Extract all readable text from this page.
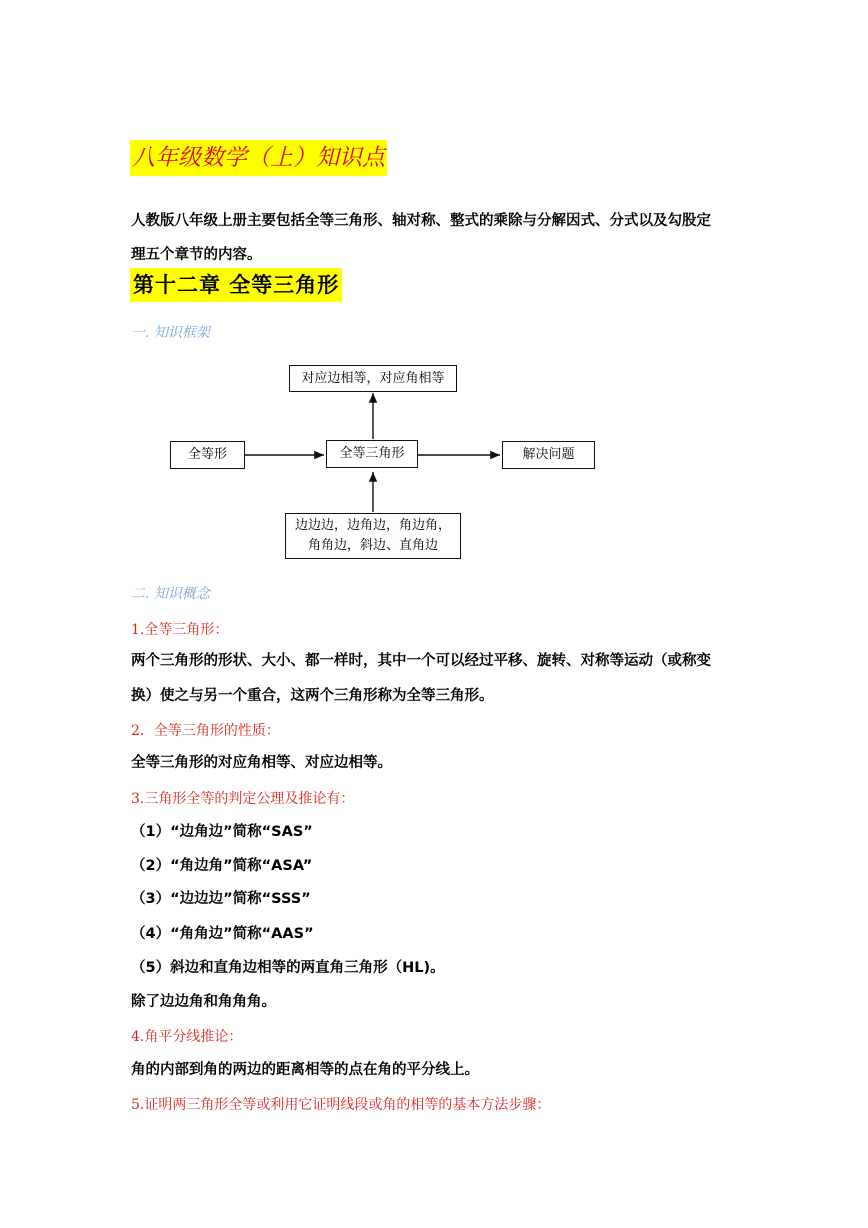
八年级数学（上）知识点
人教版八年级上册主要包括全等三角形、轴对称、整式的乘除与分解因式、分式以及勾股定
理五个章节的内容。
第十二章 全等三角形
一. 知识框架
对应边相等，对应角相等
全等形	全等三角形	解决问题
边边边，边角边，角边角，
角角边，斜边、直角边
二. 知识概念
1.全等三角形：
两个三角形的形状、大小、都一样时，其中一个可以经过平移、旋转、对称等运动（或称变
换）使之与另一个重合，这两个三角形称为全等三角形。
2．全等三角形的性质：
全等三角形的对应角相等、对应边相等。
3.三角形全等的判定公理及推论有：
（1）“边角边”简称“SAS”
（2）“角边角”简称“ASA”
（3）“边边边”简称“SSS”
（4）“角角边”简称“AAS”
（5）斜边和直角边相等的两直角三角形（HL)。
除了边边角和角角角。
4.角平分线推论：
角的内部到角的两边的距离相等的点在角的平分线上。
5.证明两三角形全等或利用它证明线段或角的相等的基本方法步骤：
